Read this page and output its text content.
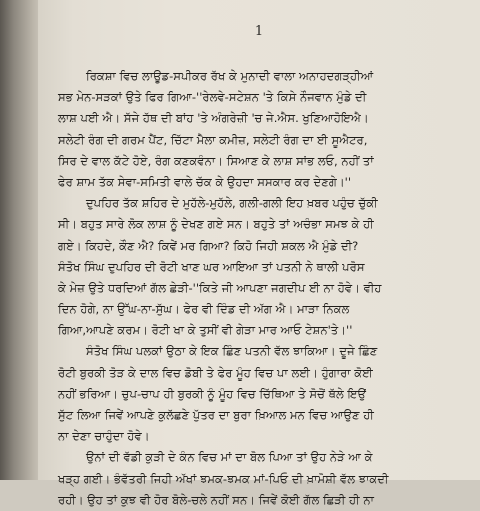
1
ਰਿਕਸ਼ਾ ਵਿਚ ਲਾਊਡ-ਸਪੀਕਰ ਰੱਖ ਕੇ ਮੁਨਾਦੀ ਵਾਲਾ ਅਨਾਹਦਗੜ੍ਹੀਆਂ
ਸਭ ਮੇਨ-ਸੜਕਾਂ ਉਤੇ ਫਿਰ ਗਿਆ-''ਰੇਲਵੇ-ਸਟੇਸ਼ਨ 'ਤੇ ਕਿਸੇ ਨੌਜਵਾਨ ਮੁੰਡੇ ਦੀ
ਲਾਸ਼ ਪਈ ਐ। ਸੱਜੇ ਹੱਥ ਦੀ ਬਾਂਹ 'ਤੇ ਅੰਗਰੇਜ਼ੀ 'ਚ ਜੇ.ਐਸ. ਖੁਣਿਆਹੋਇਐ।
ਸਲੇਟੀ ਰੰਗ ਦੀ ਗਰਮ ਪੈਂਟ, ਚਿੱਟਾ ਮੈਲਾ ਕਮੀਜ਼, ਸਲੇਟੀ ਰੰਗ ਦਾ ਈ ਸੂਐਟਰ,
ਸਿਰ ਦੇ ਵਾਲ ਕੱਟੇ ਹੋਏ, ਰੰਗ ਕਣਕਵੰਨਾ। ਸਿਆਣ ਕੇ ਲਾਸ਼ ਸਾਂਭ ਲਓ, ਨਹੀਂ ਤਾਂ
ਫੇਰ ਸ਼ਾਮ ਤੱਕ ਸੇਵਾ-ਸਮਿਤੀ ਵਾਲੇ ਚੱਕ ਕੇ ਉਹਦਾ ਸਸਕਾਰ ਕਰ ਦੇਣਗੇ।''
ਦੁਪਹਿਰ ਤੱਕ ਸ਼ਹਿਰ ਦੇ ਮੁਹੱਲੇ-ਮੁਹੱਲੇ, ਗਲੀ-ਗਲੀ ਇਹ ਖ਼ਬਰ ਪਹੁੰਚ ਚੁੱਕੀ
ਸੀ। ਬਹੁਤ ਸਾਰੇ ਲੋਕ ਲਾਸ਼ ਨੂੰ ਦੇਖਣ ਗਏ ਸਨ। ਬਹੁਤੇ ਤਾਂ ਅਚੰਭਾ ਸਮਝ ਕੇ ਹੀ
ਗਏ। ਕਿਹਦੇ, ਕੌਣ ਐ? ਕਿਵੇਂ ਮਰ ਗਿਆ? ਕਿਹੋ ਜਿਹੀ ਸ਼ਕਲ ਐ ਮੁੰਡੇ ਦੀ?
ਸੰਤੋਖ ਸਿੰਘ ਦੁਪਹਿਰ ਦੀ ਰੋਟੀ ਖਾਣ ਘਰ ਆਇਆ ਤਾਂ ਪਤਨੀ ਨੇ ਥਾਲੀ ਪਰੋਸ
ਕੇ ਮੇਜ਼ ਉਤੇ ਧਰਦਿਆਂ ਗੱਲ ਛੇੜੀ-''ਕਿਤੇ ਜੀ ਆਪਣਾ ਜਗਦੀਪ ਈ ਨਾ ਹੋਵੇ। ਵੀਹ
ਦਿਨ ਹੋਗੇ, ਨਾ ਉੱਘ-ਨਾ-ਸੁੱਘ। ਫੇਰ ਵੀ ਦਿੰਡ ਦੀ ਅੱਗ ਐ। ਮਾੜਾ ਨਿਕਲ
ਗਿਆ,ਆਪਣੇ ਕਰਮ। ਰੋਟੀ ਖਾ ਕੇ ਤੁਸੀਂ ਵੀ ਗੇੜਾ ਮਾਰ ਆਓ ਟੇਸ਼ਨ'ਤੇ।''
ਸੰਤੋਖ ਸਿੰਘ ਪਲਕਾਂ ਉਠਾ ਕੇ ਇਕ ਛਿੰਣ ਪਤਨੀ ਵੱਲ ਝਾਕਿਆ। ਦੂਜੇ ਛਿੰਣ
ਰੋਟੀ ਬੁਰਕੀ ਤੋੜ ਕੇ ਦਾਲ ਵਿਚ ਡੋਬੀ ਤੇ ਫੇਰ ਮੂੰਹ ਵਿਚ ਪਾ ਲਈ। ਹੁੰਗਾਰਾ ਕੋਈ
ਨਹੀਂ ਭਰਿਆ। ਚੁਪ-ਚਾਪ ਹੀ ਬੁਰਕੀ ਨੂੰ ਮੂੰਹ ਵਿਚ ਚਿੱਥਿਆ ਤੇ ਸੋਚੋਂ ਥੱਲੇ ਇਉਂ
ਸੁੱਟ ਲਿਆ ਜਿਵੇਂ ਆਪਣੇ ਕੁਲੱਛਣੇ ਪੁੱਤਰ ਦਾ ਬੁਰਾ ਖ਼ਿਆਲ ਮਨ ਵਿਚ ਆਉਣ ਹੀ
ਨਾ ਦੇਣਾ ਚਾਹੁੰਦਾ ਹੋਵੇ।
ਉਨਾਂ ਦੀ ਵੱਡੀ ਕੁੜੀ ਦੇ ਕੰਨ ਵਿਚ ਮਾਂ ਦਾ ਬੋਲ ਪਿਆ ਤਾਂ ਉਹ ਨੇੜੇ ਆ ਕੇ
ਖੜ੍ਹ ਗਈ। ਭੰਵੱਤਰੀ ਜਿਹੀ ਅੱਖਾਂ ਝਮਕ-ਝਮਕ ਮਾਂ-ਪਿਓ ਦੀ ਖ਼ਾਮੋਸ਼ੀ ਵੱਲ ਝਾਕਦੀ
ਰਹੀ। ਉਹ ਤਾਂ ਕੁਝ ਵੀ ਹੋਰ ਬੋਲੇ-ਚਲੇ ਨਹੀਂ ਸਨ। ਜਿਵੇਂ ਕੋਈ ਗੱਲ ਛਿੜੀ ਹੀ ਨਾ
